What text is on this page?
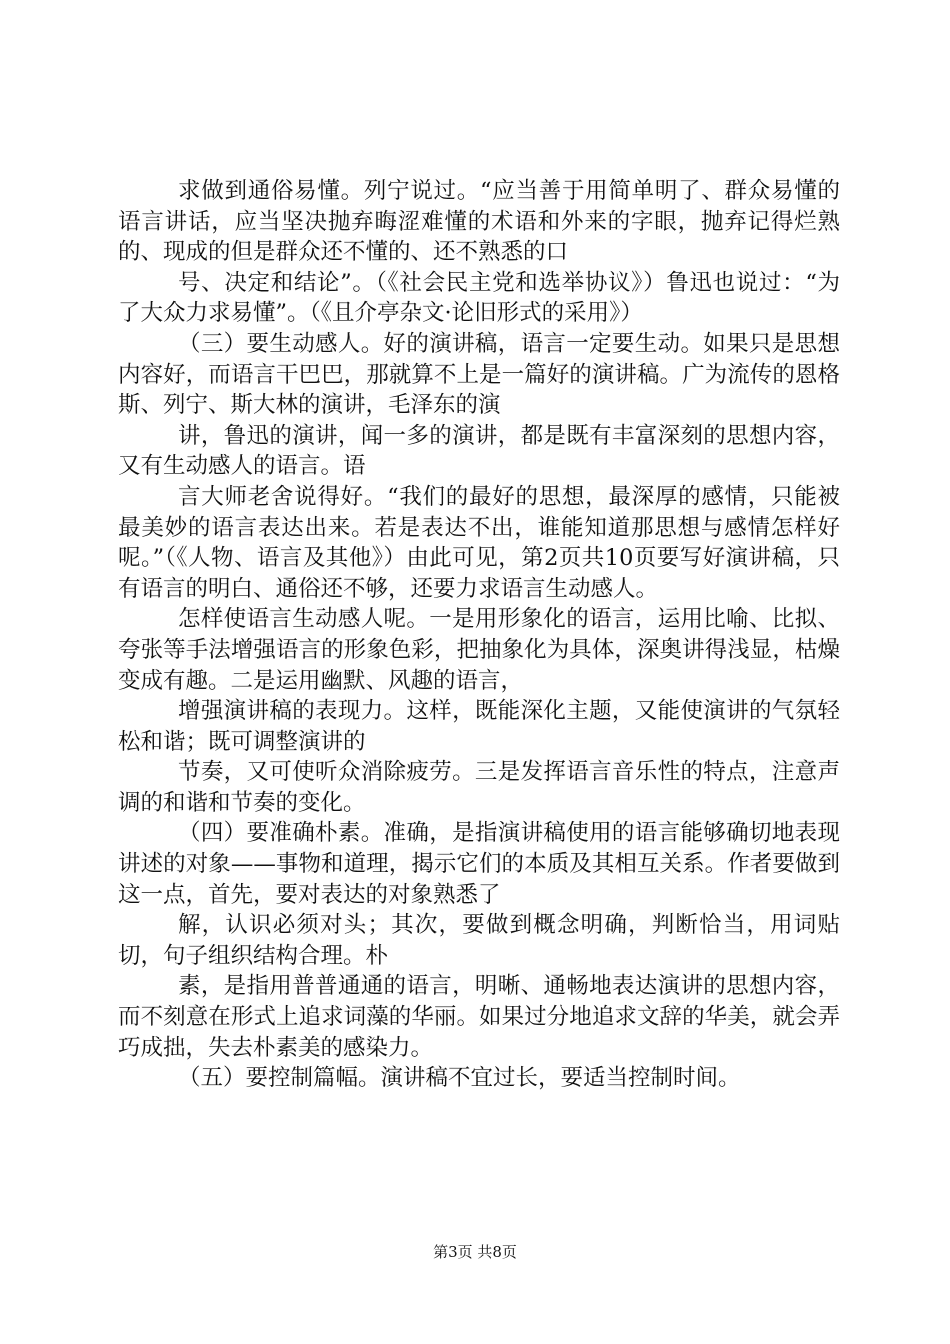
求做到通俗易懂。列宁说过。“应当善于用简单明了、群众易懂的语言讲话，应当坚决抛弃晦涩难懂的术语和外来的字眼，抛弃记得烂熟的、现成的但是群众还不懂的、还不熟悉的口

号、决定和结论”。（《社会民主党和选举协议》）鲁迅也说过：“为了大众力求易懂”。（《且介亭杂文·论旧形式的采用》）

（三）要生动感人。好的演讲稿，语言一定要生动。如果只是思想内容好，而语言干巴巴，那就算不上是一篇好的演讲稿。广为流传的恩格斯、列宁、斯大林的演讲，毛泽东的演

讲，鲁迅的演讲，闻一多的演讲，都是既有丰富深刻的思想内容，又有生动感人的语言。语

言大师老舍说得好。“我们的最好的思想，最深厚的感情，只能被最美妙的语言表达出来。若是表达不出，谁能知道那思想与感情怎样好呢。”（《人物、语言及其他》）由此可见，第2页共10页要写好演讲稿，只有语言的明白、通俗还不够，还要力求语言生动感人。

怎样使语言生动感人呢。一是用形象化的语言，运用比喻、比拟、夸张等手法增强语言的形象色彩，把抽象化为具体，深奥讲得浅显，枯燥变成有趣。二是运用幽默、风趣的语言，

增强演讲稿的表现力。这样，既能深化主题，又能使演讲的气氛轻松和谐；既可调整演讲的

节奏，又可使听众消除疲劳。三是发挥语言音乐性的特点，注意声调的和谐和节奏的变化。

（四）要准确朴素。准确，是指演讲稿使用的语言能够确切地表现讲述的对象——事物和道理，揭示它们的本质及其相互关系。作者要做到这一点，首先，要对表达的对象熟悉了

解，认识必须对头；其次，要做到概念明确，判断恰当，用词贴切，句子组织结构合理。朴

素，是指用普普通通的语言，明晰、通畅地表达演讲的思想内容，而不刻意在形式上追求词藻的华丽。如果过分地追求文辞的华美，就会弄巧成拙，失去朴素美的感染力。

（五）要控制篇幅。演讲稿不宜过长，要适当控制时间。

第3页 共8页
